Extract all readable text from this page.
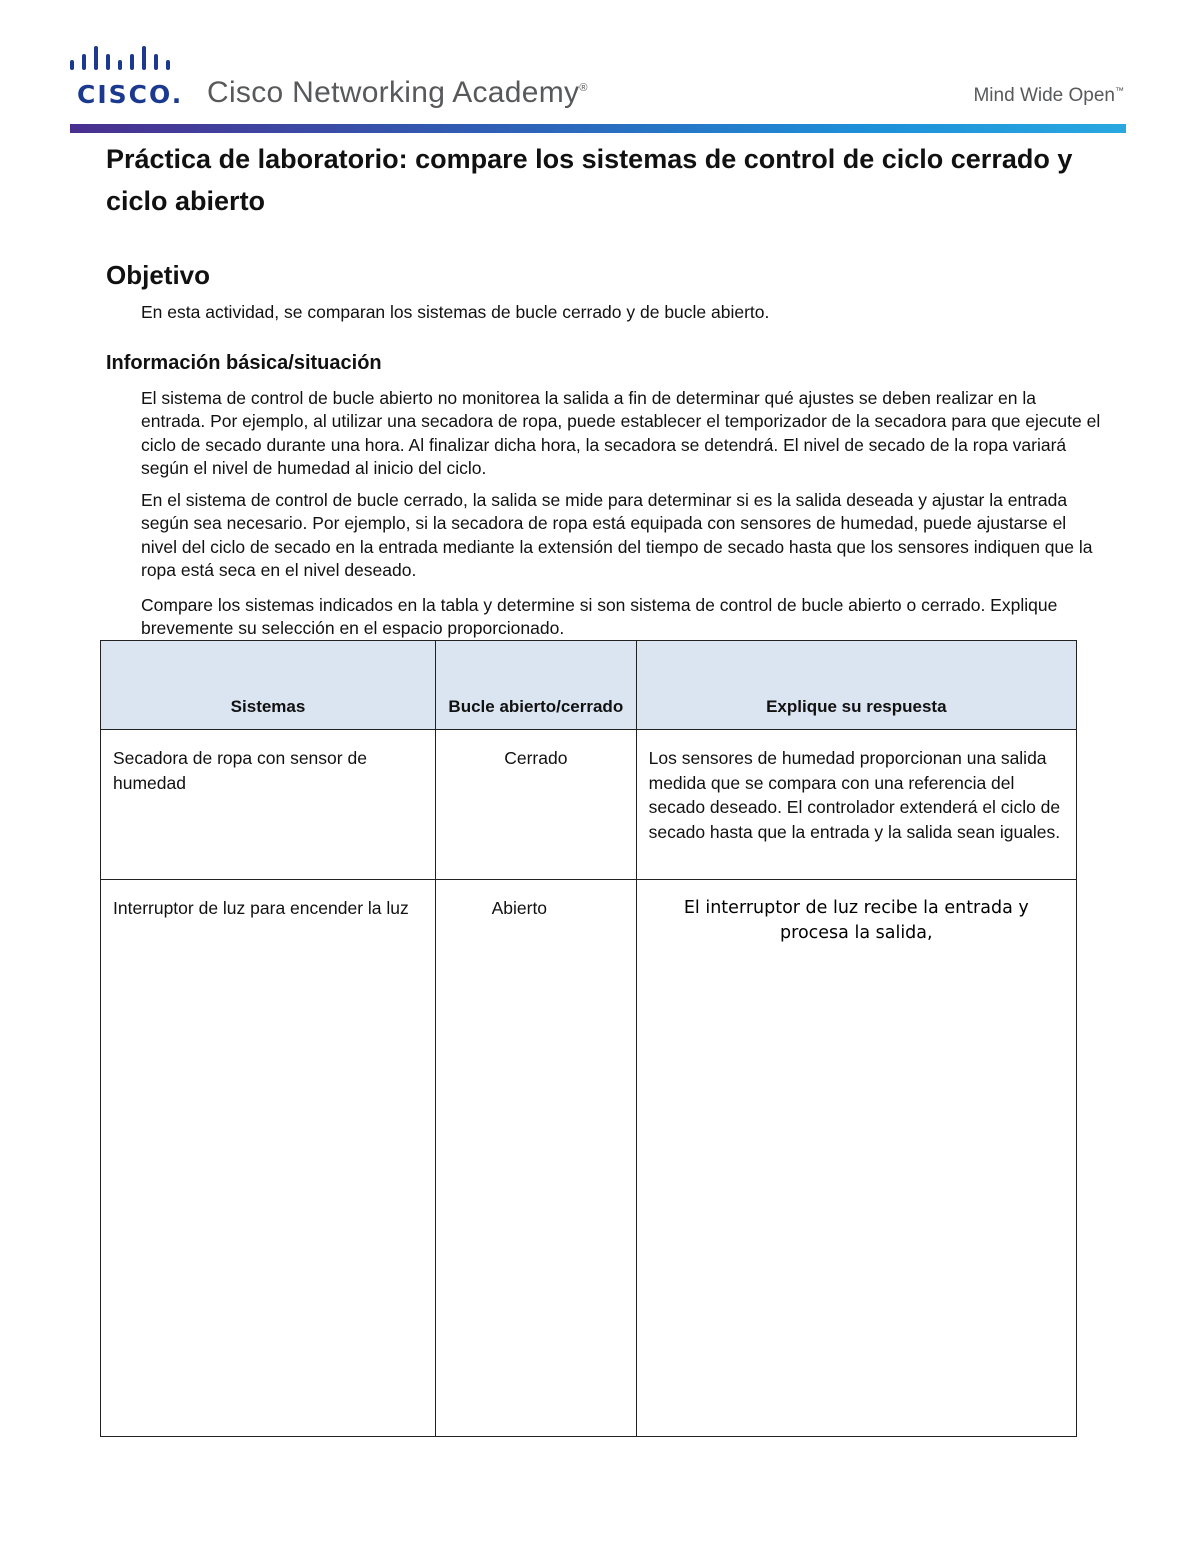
CISCO. Cisco Networking Academy®	Mind Wide Open™
Práctica de laboratorio: compare los sistemas de control de ciclo cerrado y ciclo abierto
Objetivo
En esta actividad, se comparan los sistemas de bucle cerrado y de bucle abierto.
Información básica/situación

El sistema de control de bucle abierto no monitorea la salida a fin de determinar qué ajustes se deben realizar en la entrada. Por ejemplo, al utilizar una secadora de ropa, puede establecer el temporizador de la secadora para que ejecute el ciclo de secado durante una hora. Al finalizar dicha hora, la secadora se detendrá. El nivel de secado de la ropa variará según el nivel de humedad al inicio del ciclo.

En el sistema de control de bucle cerrado, la salida se mide para determinar si es la salida deseada y ajustar la entrada según sea necesario. Por ejemplo, si la secadora de ropa está equipada con sensores de humedad, puede ajustarse el nivel del ciclo de secado en la entrada mediante la extensión del tiempo de secado hasta que los sensores indiquen que la ropa está seca en el nivel deseado.

Compare los sistemas indicados en la tabla y determine si son sistema de control de bucle abierto o cerrado. Explique brevemente su selección en el espacio proporcionado.

Sistemas	Bucle abierto/cerrado	Explique su respuesta
Secadora de ropa con sensor de humedad	Cerrado	Los sensores de humedad proporcionan una salida medida que se compara con una referencia del secado deseado. El controlador extenderá el ciclo de secado hasta que la entrada y la salida sean iguales.
Interruptor de luz para encender la luz	Abierto	El interruptor de luz recibe la entrada y procesa la salida,
